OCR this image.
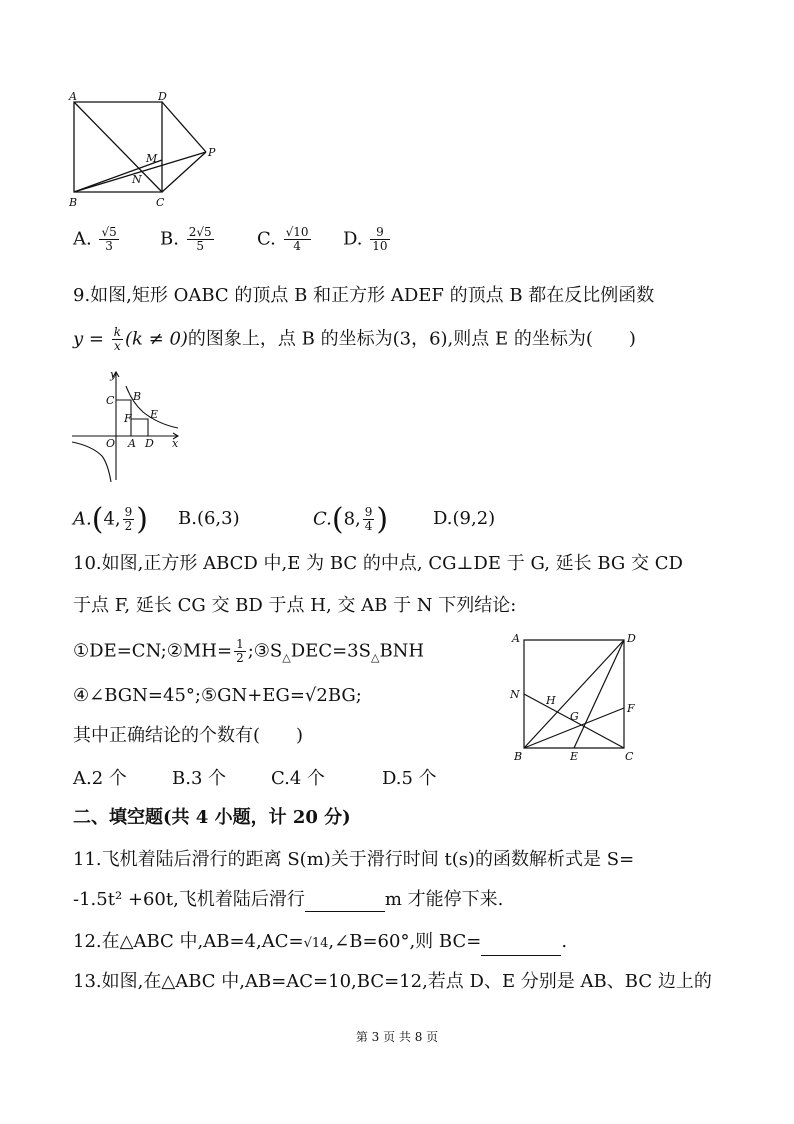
A	D
B	C
M
N
P
A. $\frac{√5}{3} B$. $\frac{2√5}{5} C$. $\frac{√10}{4} D$. $\frac{9}{10}$
9.如图,矩形 OABC 的顶点 B 和正方形 ADEF 的顶点 B 都在反比例函数
$y = \frac{k}{x} (k \ne 0)$的图象上，点 B 的坐标为(3，6),则点 E 的坐标为(　　)
y
C B
F E
O A D x
A.(4, $\frac{9}{2}$ ) B.(6,3)	C.(8, $\frac{9}{4}$ ) D.(9,2)
10.如图,正方形 ABCD 中,E 为 BC 的中点, CG⊥DE 于 G, 延长 BG 交 CD
于点 F, 延长 CG 交 BD 于点 H, 交 AB 于 N 下列结论:
①DE=CN;②MH= $\frac{1}{2}$ $;③S_\triangle DEC=3S_\triangle BNH$
④∠BGN=45°;⑤GN+EG=√2BG;
其中正确结论的个数有(　　)
A.2 个	B.3 个 C.4 个	D.5 个
A	D
N H
G
F
B	E	C
二、填空题(共 4 小题，计 20 分)
11.飞机着陆后滑行的距离 S(m)关于滑行时间 t(s)的函数解析式是 S=
-1.5t² +60t,飞机着陆后滑行	m 才能停下来.
12.在△ABC 中,AB=4,AC=√14,∠B=60°,则 BC=	.
13.如图,在△ABC 中,AB=AC=10,BC=12,若点 D、E 分别是 AB、BC 边上的
第 3 页 共 8 页
